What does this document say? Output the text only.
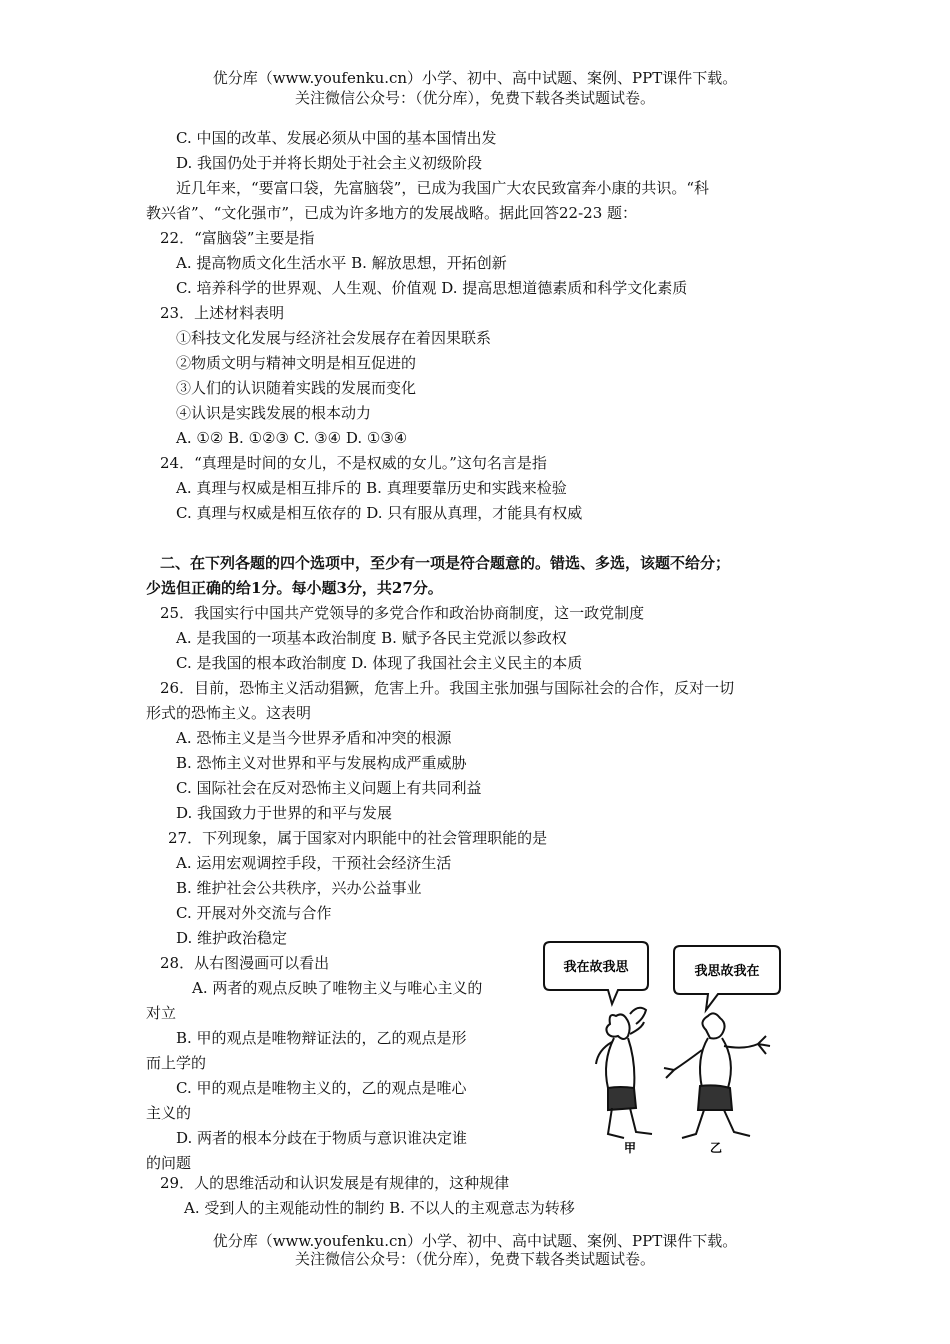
优分库（www.youfenku.cn）小学、初中、高中试题、案例、PPT课件下载。
关注微信公众号：（优分库），免费下载各类试题试卷。
C. 中国的改革、发展必须从中国的基本国情出发
D. 我国仍处于并将长期处于社会主义初级阶段
近几年来，“要富口袋，先富脑袋”，已成为我国广大农民致富奔小康的共识。“科
教兴省”、“文化强市”，已成为许多地方的发展战略。据此回答22-23 题：
22．“富脑袋”主要是指
A. 提高物质文化生活水平 B. 解放思想，开拓创新
C. 培养科学的世界观、人生观、价值观 D. 提高思想道德素质和科学文化素质
23．上述材料表明
①科技文化发展与经济社会发展存在着因果联系
②物质文明与精神文明是相互促进的
③人们的认识随着实践的发展而变化
④认识是实践发展的根本动力
A. ①② B. ①②③ C. ③④ D. ①③④
24．“真理是时间的女儿，不是权威的女儿。”这句名言是指
A. 真理与权威是相互排斥的 B. 真理要靠历史和实践来检验
C. 真理与权威是相互依存的 D. 只有服从真理，才能具有权威
二、在下列各题的四个选项中，至少有一项是符合题意的。错选、多选，该题不给分；
少选但正确的给1分。每小题3分，共27分。
25．我国实行中国共产党领导的多党合作和政治协商制度，这一政党制度
A. 是我国的一项基本政治制度 B. 赋予各民主党派以参政权
C. 是我国的根本政治制度 D. 体现了我国社会主义民主的本质
26．目前，恐怖主义活动猖獗，危害上升。我国主张加强与国际社会的合作，反对一切
形式的恐怖主义。这表明
A. 恐怖主义是当今世界矛盾和冲突的根源
B. 恐怖主义对世界和平与发展构成严重威胁
C. 国际社会在反对恐怖主义问题上有共同利益
D. 我国致力于世界的和平与发展
27．下列现象，属于国家对内职能中的社会管理职能的是
A. 运用宏观调控手段，干预社会经济生活
B. 维护社会公共秩序，兴办公益事业
C. 开展对外交流与合作
D. 维护政治稳定
28．从右图漫画可以看出
A. 两者的观点反映了唯物主义与唯心主义的
对立
B. 甲的观点是唯物辩证法的，乙的观点是形
而上学的
C. 甲的观点是唯物主义的，乙的观点是唯心
主义的
D. 两者的根本分歧在于物质与意识谁决定谁
的问题
我在故我思	我思故我在
甲	乙
29．人的思维活动和认识发展是有规律的，这种规律
A. 受到人的主观能动性的制约 B. 不以人的主观意志为转移
优分库（www.youfenku.cn）小学、初中、高中试题、案例、PPT课件下载。
关注微信公众号：（优分库），免费下载各类试题试卷。
